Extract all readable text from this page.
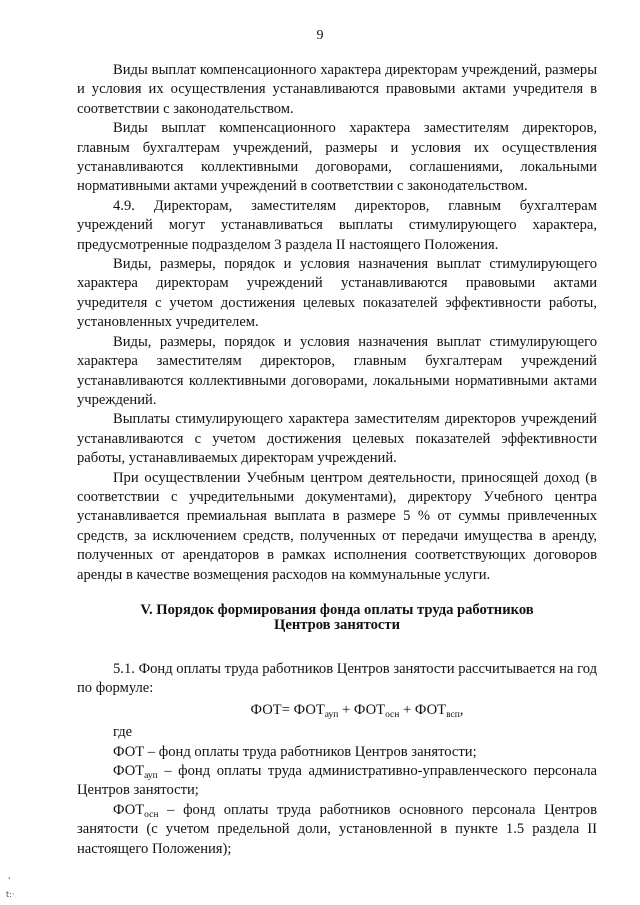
9

Виды выплат компенсационного характера директорам учреждений, размеры и условия их осуществления устанавливаются правовыми актами учредителя в соответствии с законодательством.

Виды выплат компенсационного характера заместителям директоров, главным бухгалтерам учреждений, размеры и условия их осуществления устанавливаются коллективными договорами, соглашениями, локальными нормативными актами учреждений в соответствии с законодательством.

4.9. Директорам, заместителям директоров, главным бухгалтерам учреждений могут устанавливаться выплаты стимулирующего характера, предусмотренные подразделом 3 раздела II настоящего Положения.

Виды, размеры, порядок и условия назначения выплат стимулирующего характера директорам учреждений устанавливаются правовыми актами учредителя с учетом достижения целевых показателей эффективности работы, установленных учредителем.

Виды, размеры, порядок и условия назначения выплат стимулирующего характера заместителям директоров, главным бухгалтерам учреждений устанавливаются коллективными договорами, локальными нормативными актами учреждений.

Выплаты стимулирующего характера заместителям директоров учреждений устанавливаются с учетом достижения целевых показателей эффективности работы, устанавливаемых директорам учреждений.

При осуществлении Учебным центром деятельности, приносящей доход (в соответствии с учредительными документами), директору Учебного центра устанавливается премиальная выплата в размере 5 % от суммы привлеченных средств, за исключением средств, полученных от передачи имущества в аренду, полученных от арендаторов в рамках исполнения соответствующих договоров аренды в качестве возмещения расходов на коммунальные услуги.

V. Порядок формирования фонда оплаты труда работников
Центров занятости

5.1. Фонд оплаты труда работников Центров занятости рассчитывается на год по формуле:

$ФОТ= ФОТ_{ауп} + ФОТ_{осн} + ФОТ_{всп}$,

где

ФОТ – фонд оплаты труда работников Центров занятости;

$ФОТ_{ауп}$ – фонд оплаты труда административно-управленческого персонала Центров занятости;

$ФОТ_{осн}$ – фонд оплаты труда работников основного персонала Центров занятости (с учетом предельной доли, установленной в пункте 1.5 раздела II настоящего Положения);

ʻ
t:·
